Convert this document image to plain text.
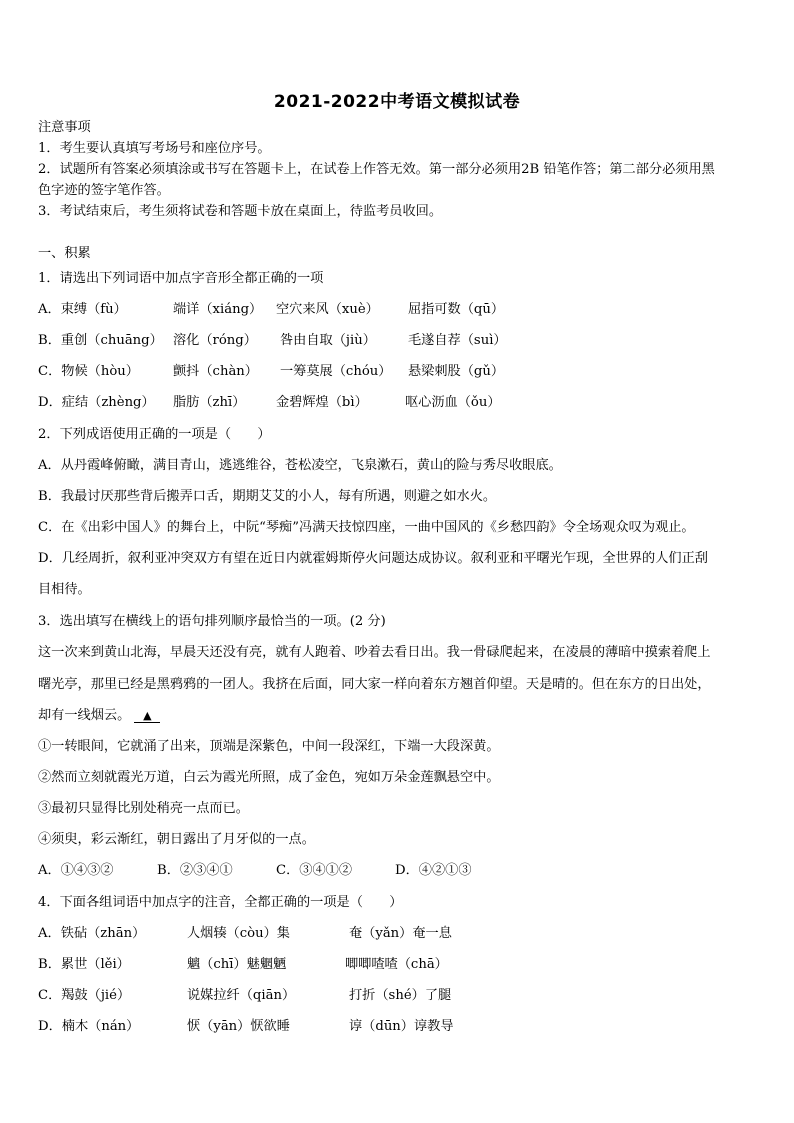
2021-2022中考语文模拟试卷
注意事项
1．考生要认真填写考场号和座位序号。
2．试题所有答案必须填涂或书写在答题卡上，在试卷上作答无效。第一部分必须用2B 铅笔作答；第二部分必须用黑
色字迹的签字笔作答。
3．考试结束后，考生须将试卷和答题卡放在桌面上，待监考员收回。
一、积累
1．请选出下列词语中加点字音形全都正确的一项
A．束缚（fù）	端详（xiáng） 空穴来风（xuè） 屈指可数（qū）
B．重创（chuāng） 溶化（róng） 咎由自取（jiù） 毛遂自荐（suì）
C．物候（hòu）	颤抖（chàn） 一筹莫展（chóu） 悬梁刺股（gǔ）
D．症结（zhèng） 脂肪（zhī） 金碧辉煌（bì）	呕心沥血（ǒu）
2．下列成语使用正确的一项是（　　）
A．从丹霞峰俯瞰，满目青山，逃逃维谷，苍松凌空，飞泉漱石，黄山的险与秀尽收眼底。
B．我最讨厌那些背后搬弄口舌，期期艾艾的小人，每有所遇，则避之如水火。
C．在《出彩中国人》的舞台上，中阮“琴痴”冯满天技惊四座，一曲中国风的《乡愁四韵》令全场观众叹为观止。
D．几经周折，叙利亚冲突双方有望在近日内就霍姆斯停火问题达成协议。叙利亚和平曙光乍现，全世界的人们正刮
目相待。
3．选出填写在横线上的语句排列顺序最恰当的一项。(2 分)
这一次来到黄山北海，早晨天还没有亮，就有人跑着、吵着去看日出。我一骨碌爬起来，在凌晨的薄暗中摸索着爬上
曙光亭，那里已经是黑鸦鸦的一团人。我挤在后面，同大家一样向着东方翘首仰望。天是晴的。但在东方的日出处，
却有一线烟云。 ▲
①一转眼间，它就涌了出来，顶端是深紫色，中间一段深红，下端一大段深黄。
②然而立刻就霞光万道，白云为霞光所照，成了金色，宛如万朵金莲飘悬空中。
③最初只显得比别处稍亮一点而已。
④须臾，彩云渐红，朝日露出了月牙似的一点。
A．①④③②	B．②③④①	C．③④①②	D．④②①③
4．下面各组词语中加点字的注音，全都正确的一项是（　　）
A．铁砧（zhān）	人烟辏（còu）集	奄（yǎn）奄一息
B．累世（lěi）	魑（chī）魅魍魉	唧唧喳喳（chā）
C．羯鼓（jié）	说媒拉纤（qiān）	打折（shé）了腿
D．楠木（nán）	恹（yān）恹欲睡	谆（dūn）谆教导
